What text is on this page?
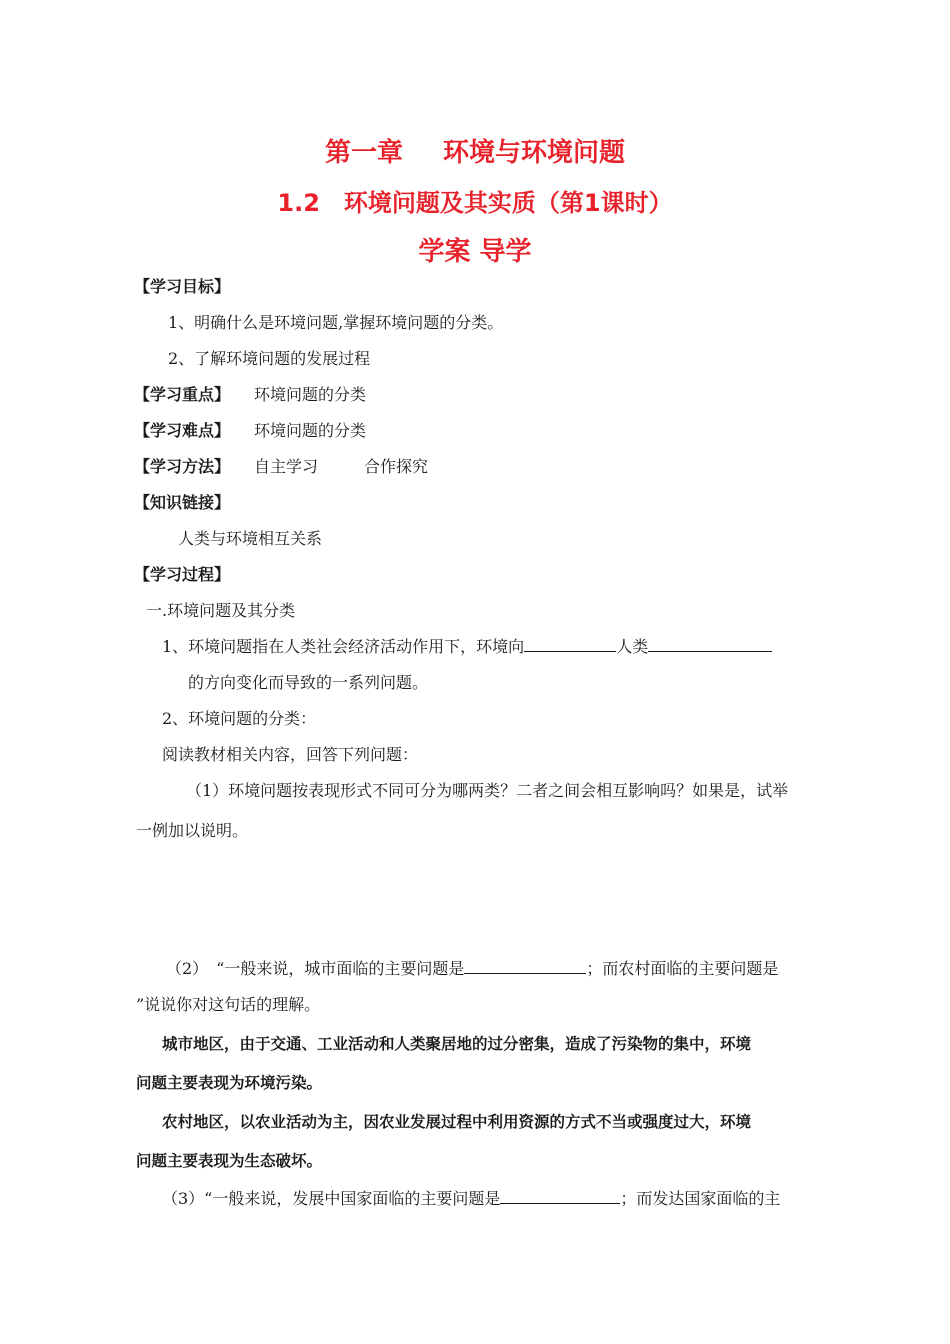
第一章 环境与环境问题
1.2　环境问题及其实质（第1课时）
学案 导学
【学习目标】
1、明确什么是环境问题,掌握环境问题的分类。
2、了解环境问题的发展过程
【学习重点】 环境问题的分类
【学习难点】 环境问题的分类
【学习方法】 自主学习	合作探究
【知识链接】
人类与环境相互关系
【学习过程】
一.环境问题及其分类
1、环境问题指在人类社会经济活动作用下，环境向	人类
的方向变化而导致的一系列问题。
2、环境问题的分类：
阅读教材相关内容，回答下列问题：
（1）环境问题按表现形式不同可分为哪两类？二者之间会相互影响吗？如果是，试举
一例加以说明。
（2）　“一般来说，城市面临的主要问题是	；而农村面临的主要问题是
”说说你对这句话的理解。
城市地区，由于交通、工业活动和人类聚居地的过分密集，造成了污染物的集中，环境
问题主要表现为环境污染。
农村地区，以农业活动为主，因农业发展过程中利用资源的方式不当或强度过大，环境
问题主要表现为生态破坏。
（3）“一般来说，发展中国家面临的主要问题是	；而发达国家面临的主
